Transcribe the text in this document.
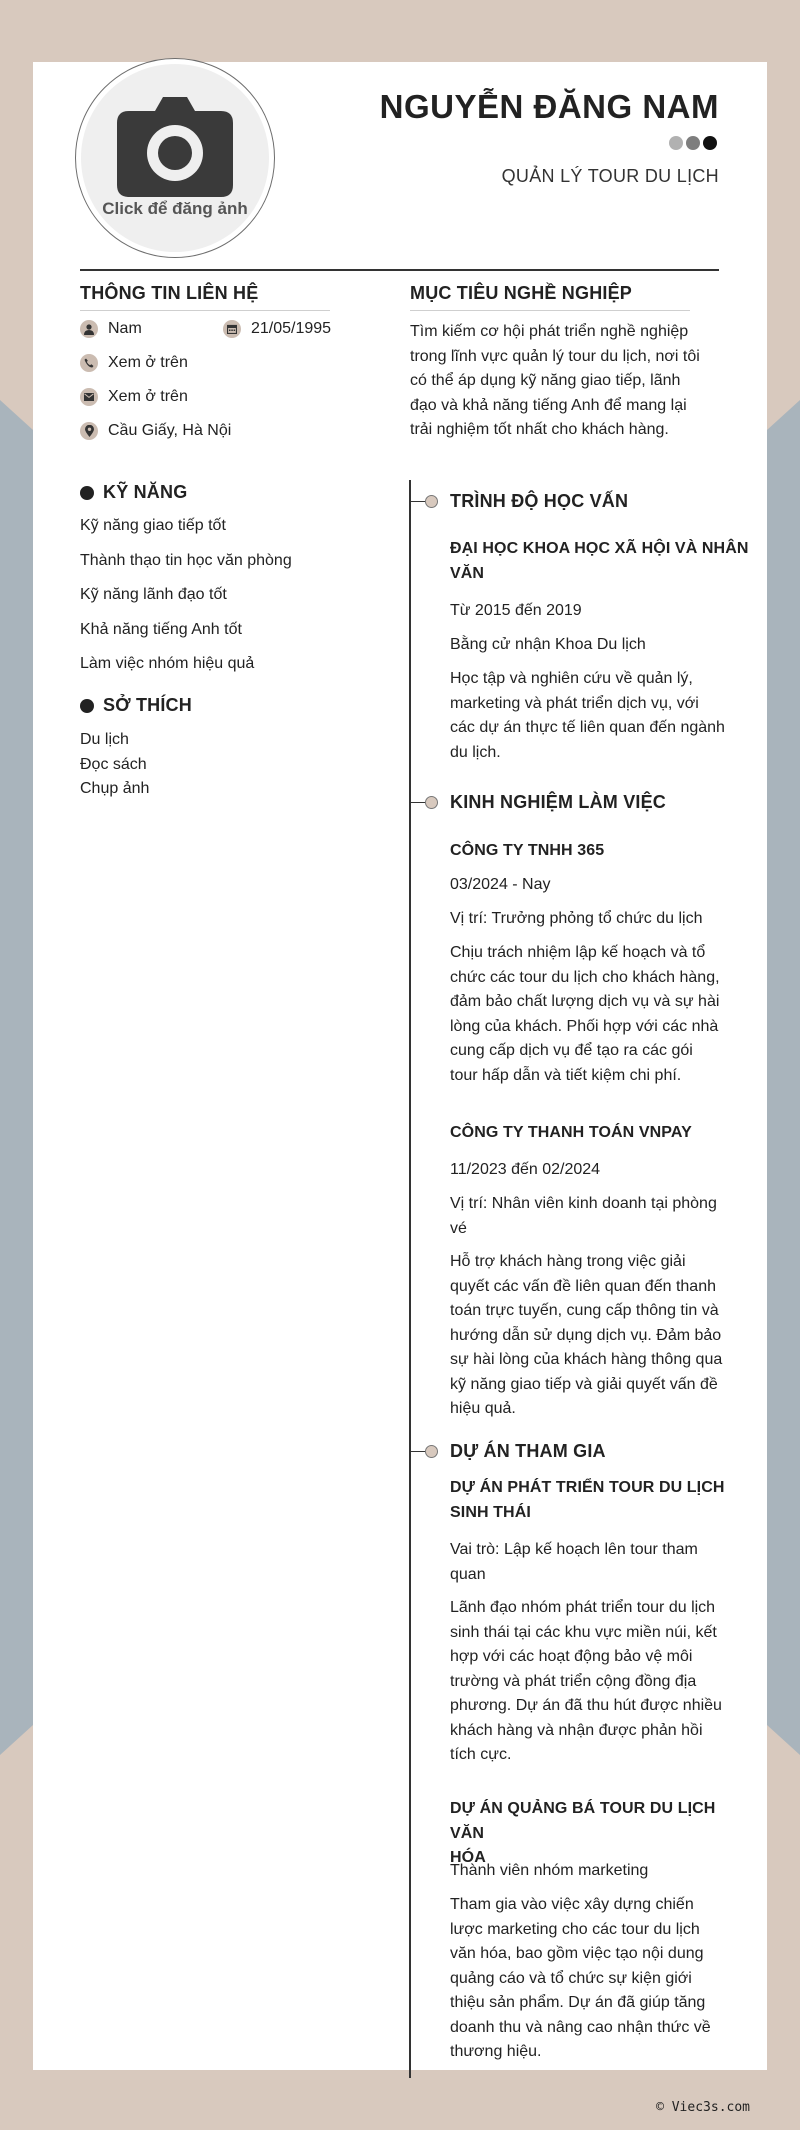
Click để đăng ảnh
NGUYỄN ĐĂNG NAM
QUẢN LÝ TOUR DU LỊCH
THÔNG TIN LIÊN HỆ
Nam	21/05/1995
Xem ở trên
Xem ở trên
Cầu Giấy, Hà Nội
MỤC TIÊU NGHỀ NGHIỆP
Tìm kiếm cơ hội phát triển nghề nghiệp
trong lĩnh vực quản lý tour du lịch, nơi tôi
có thể áp dụng kỹ năng giao tiếp, lãnh
đạo và khả năng tiếng Anh để mang lại
trải nghiệm tốt nhất cho khách hàng.
KỸ NĂNG
Kỹ năng giao tiếp tốt
Thành thạo tin học văn phòng
Kỹ năng lãnh đạo tốt
Khả năng tiếng Anh tốt
Làm việc nhóm hiệu quả
SỞ THÍCH
Du lịch
Đọc sách
Chụp ảnh
TRÌNH ĐỘ HỌC VẤN
ĐẠI HỌC KHOA HỌC XÃ HỘI VÀ NHÂN
VĂN
Từ 2015 đến 2019
Bằng cử nhận Khoa Du lịch
Học tập và nghiên cứu về quản lý,
marketing và phát triển dịch vụ, với
các dự án thực tế liên quan đến ngành
du lịch.
KINH NGHIỆM LÀM VIỆC
CÔNG TY TNHH 365
03/2024 - Nay
Vị trí: Trưởng phỏng tổ chức du lịch
Chịu trách nhiệm lập kế hoạch và tổ
chức các tour du lịch cho khách hàng,
đảm bảo chất lượng dịch vụ và sự hài
lòng của khách. Phối hợp với các nhà
cung cấp dịch vụ để tạo ra các gói
tour hấp dẫn và tiết kiệm chi phí.
CÔNG TY THANH TOÁN VNPAY
11/2023 đến 02/2024
Vị trí: Nhân viên kinh doanh tại phòng
vé
Hỗ trợ khách hàng trong việc giải
quyết các vấn đề liên quan đến thanh
toán trực tuyến, cung cấp thông tin và
hướng dẫn sử dụng dịch vụ. Đảm bảo
sự hài lòng của khách hàng thông qua
kỹ năng giao tiếp và giải quyết vấn đề
hiệu quả.
DỰ ÁN THAM GIA
DỰ ÁN PHÁT TRIỂN TOUR DU LỊCH
SINH THÁI
Vai trò: Lập kế hoạch lên tour tham
quan
Lãnh đạo nhóm phát triển tour du lịch
sinh thái tại các khu vực miền núi, kết
hợp với các hoạt động bảo vệ môi
trường và phát triển cộng đồng địa
phương. Dự án đã thu hút được nhiều
khách hàng và nhận được phản hồi
tích cực.
DỰ ÁN QUẢNG BÁ TOUR DU LỊCH VĂN
HÓA
Thành viên nhóm marketing
Tham gia vào việc xây dựng chiến
lược marketing cho các tour du lịch
văn hóa, bao gồm việc tạo nội dung
quảng cáo và tổ chức sự kiện giới
thiệu sản phẩm. Dự án đã giúp tăng
doanh thu và nâng cao nhận thức về
thương hiệu.
© Viec3s.com
